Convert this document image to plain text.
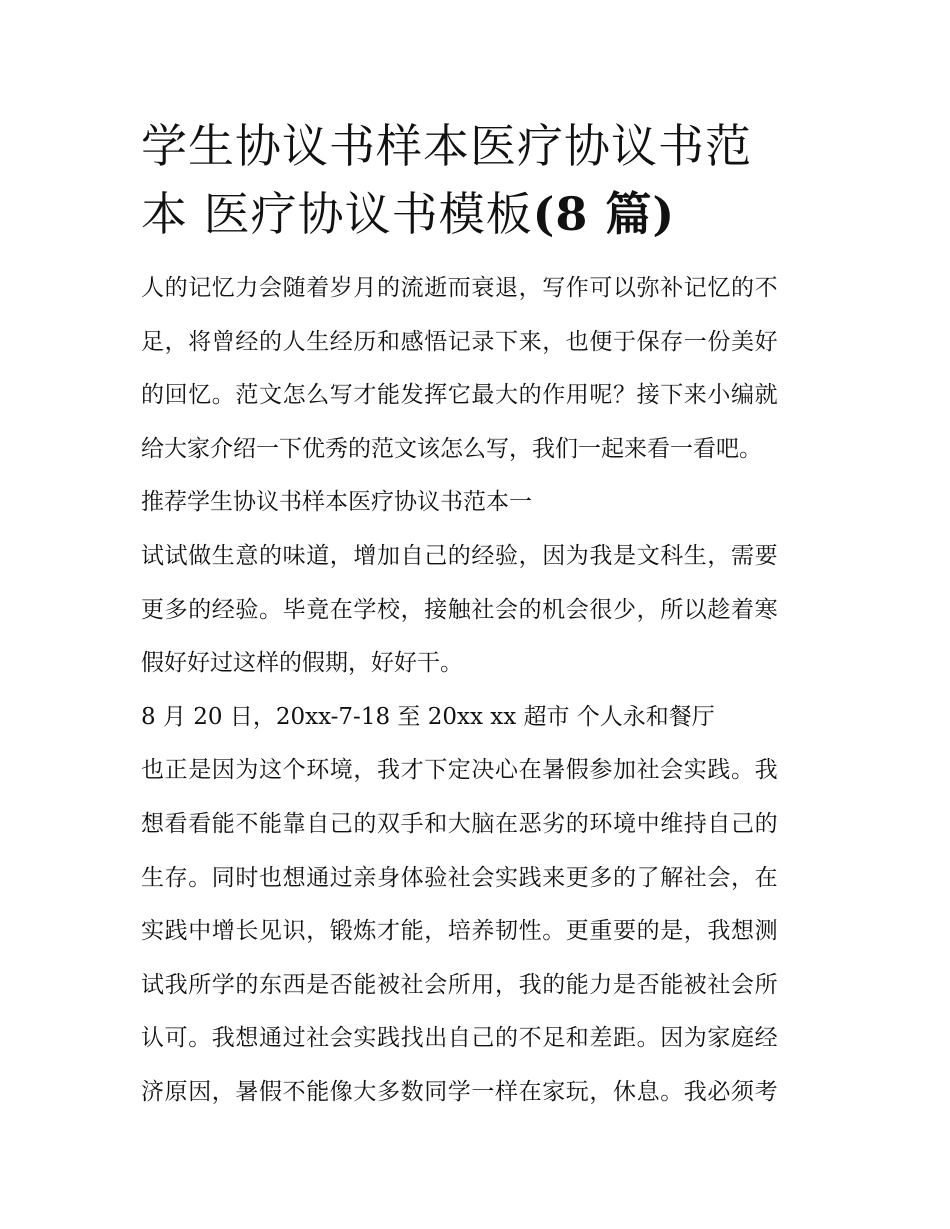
学生协议书样本医疗协议书范
本 医疗协议书模板(8 篇)

人的记忆力会随着岁月的流逝而衰退，写作可以弥补记忆的不
足，将曾经的人生经历和感悟记录下来，也便于保存一份美好
的回忆。范文怎么写才能发挥它最大的作用呢？接下来小编就
给大家介绍一下优秀的范文该怎么写，我们一起来看一看吧。

推荐学生协议书样本医疗协议书范本一

试试做生意的味道，增加自己的经验，因为我是文科生，需要
更多的经验。毕竟在学校，接触社会的机会很少，所以趁着寒
假好好过这样的假期，好好干。

8 月 20 日，20xx-7-18 至 20xx xx 超市 个人永和餐厅

也正是因为这个环境，我才下定决心在暑假参加社会实践。我
想看看能不能靠自己的双手和大脑在恶劣的环境中维持自己的
生存。同时也想通过亲身体验社会实践来更多的了解社会，在
实践中增长见识，锻炼才能，培养韧性。更重要的是，我想测
试我所学的东西是否能被社会所用，我的能力是否能被社会所
认可。我想通过社会实践找出自己的不足和差距。因为家庭经
济原因，暑假不能像大多数同学一样在家玩，休息。我必须考
